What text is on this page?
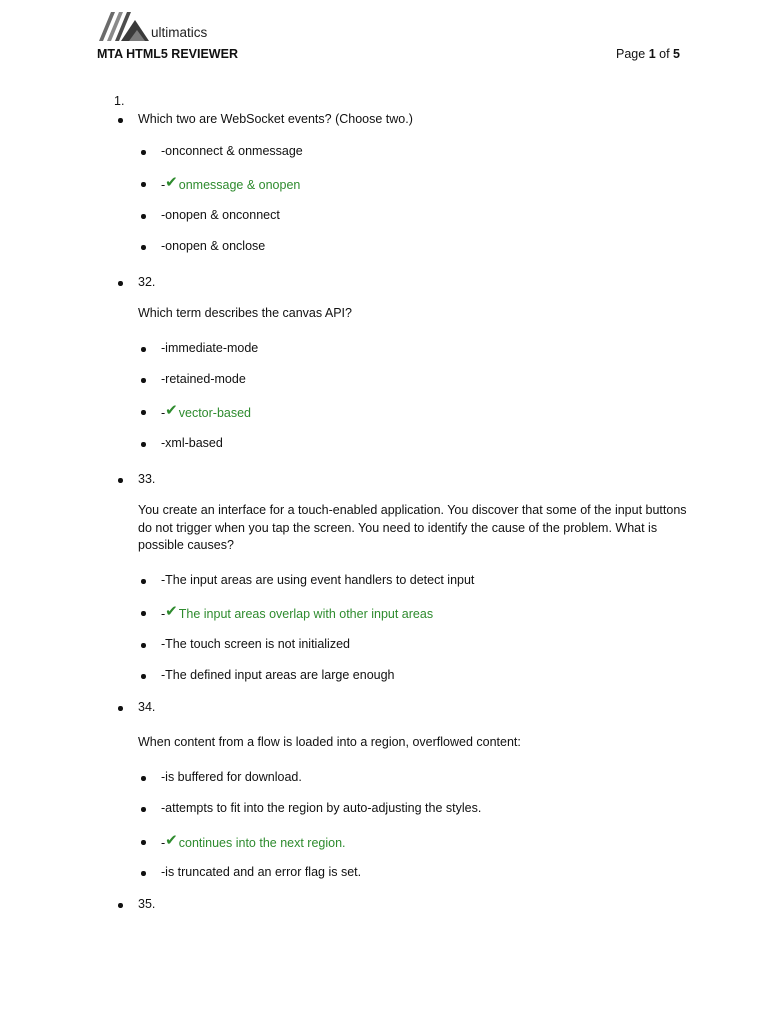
ultimatics
MTA HTML5 REVIEWER	Page 1 of 5
1.
Which two are WebSocket events? (Choose two.)
-onconnect & onmessage
-✔onmessage & onopen
-onopen & onconnect
-onopen & onclose
32.
Which term describes the canvas API?
-immediate-mode
-retained-mode
-✔vector-based
-xml-based
33.
You create an interface for a touch-enabled application. You discover that some of the input buttons do not trigger when you tap the screen. You need to identify the cause of the problem. What is possible causes?
-The input areas are using event handlers to detect input
-✔The input areas overlap with other input areas
-The touch screen is not initialized
-The defined input areas are large enough
34.
When content from a flow is loaded into a region, overflowed content:
-is buffered for download.
-attempts to fit into the region by auto-adjusting the styles.
-✔continues into the next region.
-is truncated and an error flag is set.
35.
